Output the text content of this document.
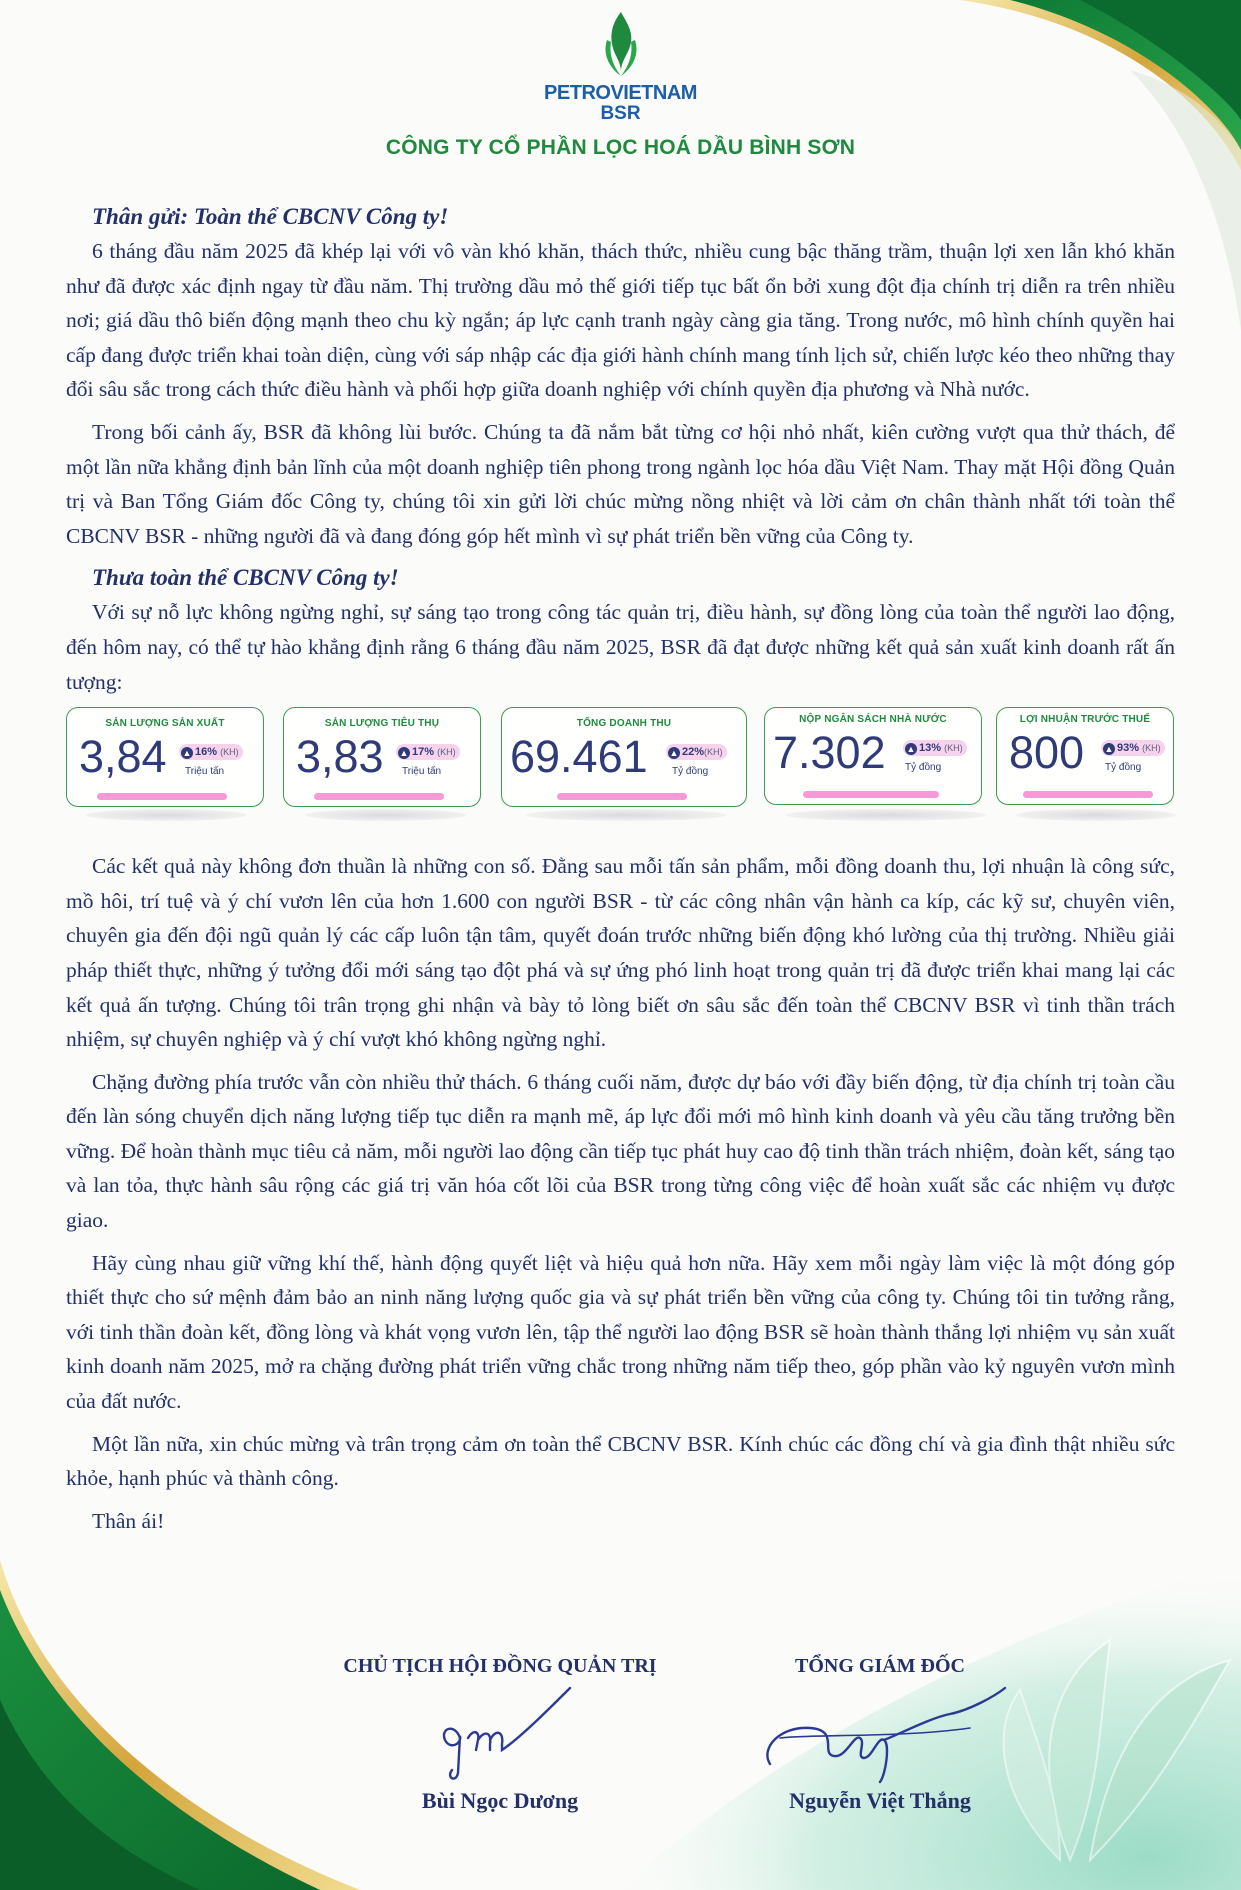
PETROVIETNAM
BSR
CÔNG TY CỔ PHẦN LỌC HOÁ DẦU BÌNH SƠN

Thân gửi: Toàn thể CBCNV Công ty!

6 tháng đầu năm 2025 đã khép lại với vô vàn khó khăn, thách thức, nhiều cung bậc thăng trầm, thuận lợi xen lẫn khó khăn như đã được xác định ngay từ đầu năm. Thị trường dầu mỏ thế giới tiếp tục bất ổn bởi xung đột địa chính trị diễn ra trên nhiều nơi; giá dầu thô biến động mạnh theo chu kỳ ngắn; áp lực cạnh tranh ngày càng gia tăng. Trong nước, mô hình chính quyền hai cấp đang được triển khai toàn diện, cùng với sáp nhập các địa giới hành chính mang tính lịch sử, chiến lược kéo theo những thay đổi sâu sắc trong cách thức điều hành và phối hợp giữa doanh nghiệp với chính quyền địa phương và Nhà nước.

Trong bối cảnh ấy, BSR đã không lùi bước. Chúng ta đã nắm bắt từng cơ hội nhỏ nhất, kiên cường vượt qua thử thách, để một lần nữa khẳng định bản lĩnh của một doanh nghiệp tiên phong trong ngành lọc hóa dầu Việt Nam. Thay mặt Hội đồng Quản trị và Ban Tổng Giám đốc Công ty, chúng tôi xin gửi lời chúc mừng nồng nhiệt và lời cảm ơn chân thành nhất tới toàn thể CBCNV BSR - những người đã và đang đóng góp hết mình vì sự phát triển bền vững của Công ty.

Thưa toàn thể CBCNV Công ty!

Với sự nỗ lực không ngừng nghỉ, sự sáng tạo trong công tác quản trị, điều hành, sự đồng lòng của toàn thể người lao động, đến hôm nay, có thể tự hào khẳng định rằng 6 tháng đầu năm 2025, BSR đã đạt được những kết quả sản xuất kinh doanh rất ấn tượng:

SẢN LƯỢNG SẢN XUẤT
3,84	▲ 16% (KH)
Triệu tấn
SẢN LƯỢNG TIÊU THỤ
3,83	▲ 17% (KH)
Triệu tấn
TỔNG DOANH THU
69.461	▲ 22%(KH)
Tỷ đồng
NỘP NGÂN SÁCH NHÀ NƯỚC
7.302	▲ 13% (KH)
Tỷ đồng
LỢI NHUẬN TRƯỚC THUẾ
800	▲ 93% (KH)
Tỷ đồng

Các kết quả này không đơn thuần là những con số. Đằng sau mỗi tấn sản phẩm, mỗi đồng doanh thu, lợi nhuận là công sức, mồ hôi, trí tuệ và ý chí vươn lên của hơn 1.600 con người BSR - từ các công nhân vận hành ca kíp, các kỹ sư, chuyên viên, chuyên gia đến đội ngũ quản lý các cấp luôn tận tâm, quyết đoán trước những biến động khó lường của thị trường. Nhiều giải pháp thiết thực, những ý tưởng đổi mới sáng tạo đột phá và sự ứng phó linh hoạt trong quản trị đã được triển khai mang lại các kết quả ấn tượng. Chúng tôi trân trọng ghi nhận và bày tỏ lòng biết ơn sâu sắc đến toàn thể CBCNV BSR vì tinh thần trách nhiệm, sự chuyên nghiệp và ý chí vượt khó không ngừng nghỉ.

Chặng đường phía trước vẫn còn nhiều thử thách. 6 tháng cuối năm, được dự báo với đầy biến động, từ địa chính trị toàn cầu đến làn sóng chuyển dịch năng lượng tiếp tục diễn ra mạnh mẽ, áp lực đổi mới mô hình kinh doanh và yêu cầu tăng trưởng bền vững. Để hoàn thành mục tiêu cả năm, mỗi người lao động cần tiếp tục phát huy cao độ tinh thần trách nhiệm, đoàn kết, sáng tạo và lan tỏa, thực hành sâu rộng các giá trị văn hóa cốt lõi của BSR trong từng công việc để hoàn xuất sắc các nhiệm vụ được giao.

Hãy cùng nhau giữ vững khí thế, hành động quyết liệt và hiệu quả hơn nữa. Hãy xem mỗi ngày làm việc là một đóng góp thiết thực cho sứ mệnh đảm bảo an ninh năng lượng quốc gia và sự phát triển bền vững của công ty. Chúng tôi tin tưởng rằng, với tinh thần đoàn kết, đồng lòng và khát vọng vươn lên, tập thể người lao động BSR sẽ hoàn thành thắng lợi nhiệm vụ sản xuất kinh doanh năm 2025, mở ra chặng đường phát triển vững chắc trong những năm tiếp theo, góp phần vào kỷ nguyên vươn mình của đất nước.

Một lần nữa, xin chúc mừng và trân trọng cảm ơn toàn thể CBCNV BSR. Kính chúc các đồng chí và gia đình thật nhiều sức khỏe, hạnh phúc và thành công.

Thân ái!

CHỦ TỊCH HỘI ĐỒNG QUẢN TRỊ
Bùi Ngọc Dương
TỔNG GIÁM ĐỐC
Nguyễn Việt Thắng
